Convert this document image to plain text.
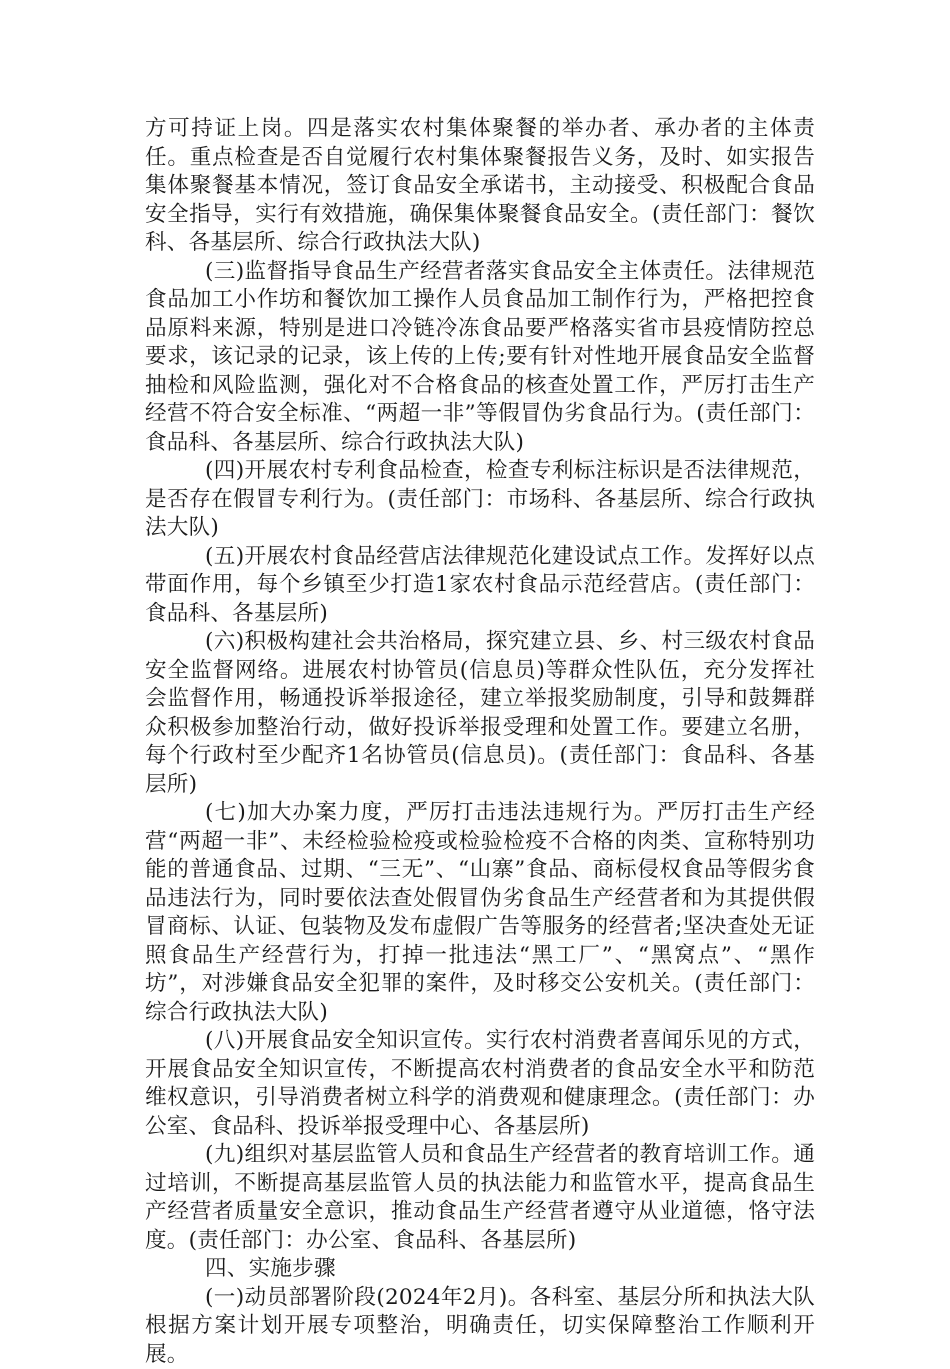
方可持证上岗。四是落实农村集体聚餐的举办者、承办者的主体责任。重点检查是否自觉履行农村集体聚餐报告义务，及时、如实报告集体聚餐基本情况，签订食品安全承诺书，主动接受、积极配合食品安全指导，实行有效措施，确保集体聚餐食品安全。(责任部门：餐饮科、各基层所、综合行政执法大队)

(三)监督指导食品生产经营者落实食品安全主体责任。法律规范食品加工小作坊和餐饮加工操作人员食品加工制作行为，严格把控食品原料来源，特别是进口冷链冷冻食品要严格落实省市县疫情防控总要求，该记录的记录，该上传的上传;要有针对性地开展食品安全监督抽检和风险监测，强化对不合格食品的核查处置工作，严厉打击生产经营不符合安全标准、“两超一非”等假冒伪劣食品行为。(责任部门：食品科、各基层所、综合行政执法大队)

(四)开展农村专利食品检查，检查专利标注标识是否法律规范，是否存在假冒专利行为。(责任部门：市场科、各基层所、综合行政执法大队)

(五)开展农村食品经营店法律规范化建设试点工作。发挥好以点带面作用，每个乡镇至少打造1家农村食品示范经营店。(责任部门：食品科、各基层所)

(六)积极构建社会共治格局，探究建立县、乡、村三级农村食品安全监督网络。进展农村协管员(信息员)等群众性队伍，充分发挥社会监督作用，畅通投诉举报途径，建立举报奖励制度，引导和鼓舞群众积极参加整治行动，做好投诉举报受理和处置工作。要建立名册，每个行政村至少配齐1名协管员(信息员)。(责任部门：食品科、各基层所)

(七)加大办案力度，严厉打击违法违规行为。严厉打击生产经营“两超一非”、未经检验检疫或检验检疫不合格的肉类、宣称特别功能的普通食品、过期、“三无”、“山寨”食品、商标侵权食品等假劣食品违法行为，同时要依法查处假冒伪劣食品生产经营者和为其提供假冒商标、认证、包装物及发布虚假广告等服务的经营者;坚决查处无证照食品生产经营行为，打掉一批违法“黑工厂”、“黑窝点”、“黑作坊”，对涉嫌食品安全犯罪的案件，及时移交公安机关。(责任部门：综合行政执法大队)

(八)开展食品安全知识宣传。实行农村消费者喜闻乐见的方式，开展食品安全知识宣传，不断提高农村消费者的食品安全水平和防范维权意识，引导消费者树立科学的消费观和健康理念。(责任部门：办公室、食品科、投诉举报受理中心、各基层所)

(九)组织对基层监管人员和食品生产经营者的教育培训工作。通过培训，不断提高基层监管人员的执法能力和监管水平，提高食品生产经营者质量安全意识，推动食品生产经营者遵守从业道德，恪守法度。(责任部门：办公室、食品科、各基层所)

四、实施步骤

(一)动员部署阶段(2024年2月)。各科室、基层分所和执法大队根据方案计划开展专项整治，明确责任，切实保障整治工作顺利开展。
